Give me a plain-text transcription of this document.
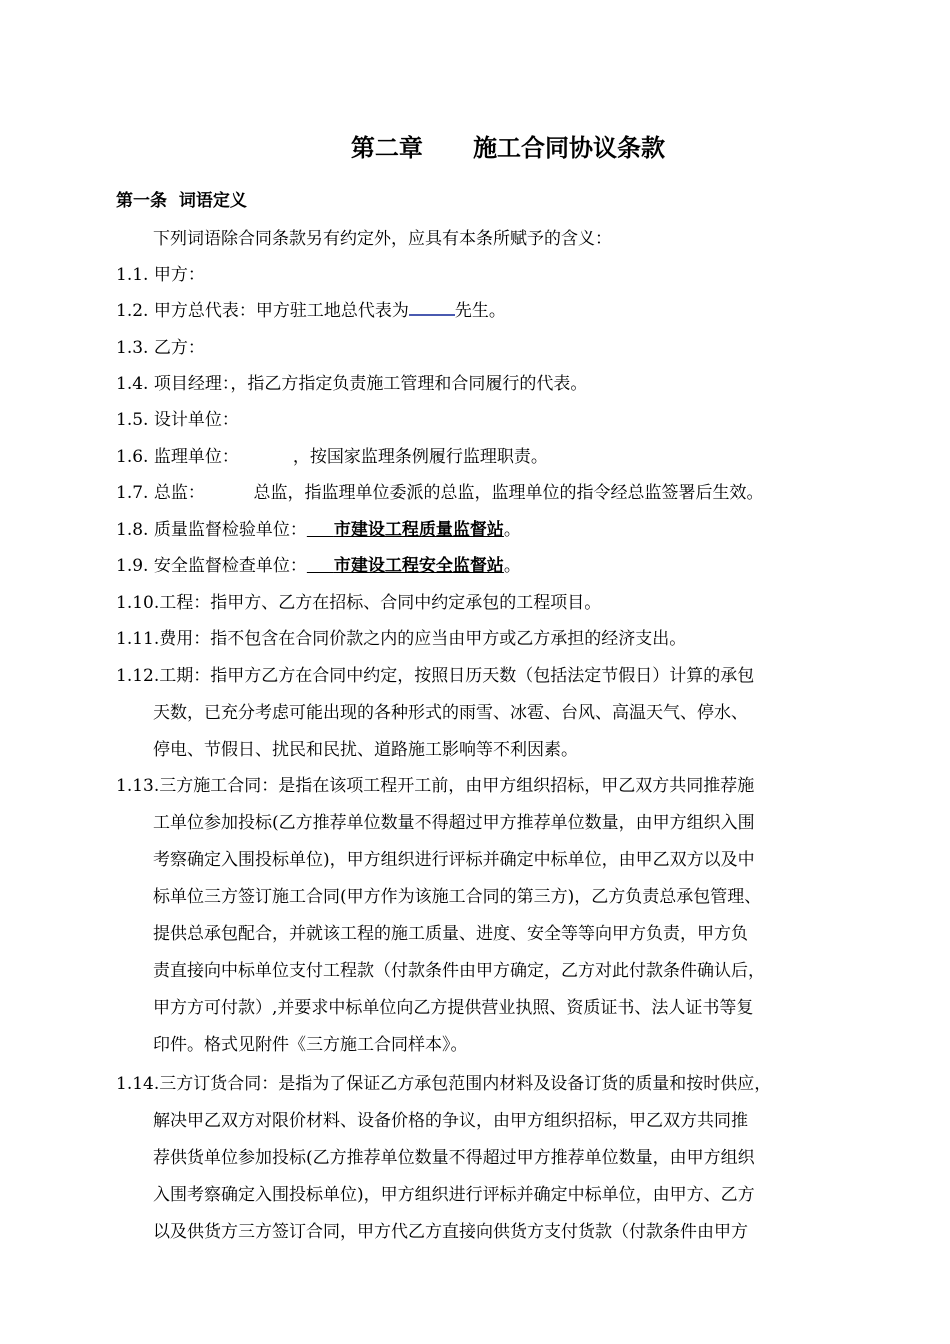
第二章 施工合同协议条款
第一条 词语定义
下列词语除合同条款另有约定外，应具有本条所赋予的含义：
1.1. 甲方：
1.2. 甲方总代表：甲方驻工地总代表为	先生。
1.3. 乙方：
1.4. 项目经理：，指乙方指定负责施工管理和合同履行的代表。
1.5. 设计单位：
1.6. 监理单位：          ，按国家监理条例履行监理职责。
1.7. 总监：         总监，指监理单位委派的总监，监理单位的指令经总监签署后生效。
1.8. 质量监督检验单位： 市建设工程质量监督站。
1.9. 安全监督检查单位： 市建设工程安全监督站。
1.10.工程：指甲方、乙方在招标、合同中约定承包的工程项目。
1.11.费用：指不包含在合同价款之内的应当由甲方或乙方承担的经济支出。
1.12.工期：指甲方乙方在合同中约定，按照日历天数（包括法定节假日）计算的承包
天数，已充分考虑可能出现的各种形式的雨雪、冰雹、台风、高温天气、停水、
停电、节假日、扰民和民扰、道路施工影响等不利因素。
1.13.三方施工合同：是指在该项工程开工前，由甲方组织招标，甲乙双方共同推荐施
工单位参加投标(乙方推荐单位数量不得超过甲方推荐单位数量，由甲方组织入围
考察确定入围投标单位)，甲方组织进行评标并确定中标单位，由甲乙双方以及中
标单位三方签订施工合同(甲方作为该施工合同的第三方)，乙方负责总承包管理、
提供总承包配合，并就该工程的施工质量、进度、安全等等向甲方负责，甲方负
责直接向中标单位支付工程款（付款条件由甲方确定，乙方对此付款条件确认后，
甲方方可付款）,并要求中标单位向乙方提供营业执照、资质证书、法人证书等复
印件。格式见附件《三方施工合同样本》。
1.14.三方订货合同：是指为了保证乙方承包范围内材料及设备订货的质量和按时供应，
解决甲乙双方对限价材料、设备价格的争议，由甲方组织招标，甲乙双方共同推
荐供货单位参加投标(乙方推荐单位数量不得超过甲方推荐单位数量，由甲方组织
入围考察确定入围投标单位)，甲方组织进行评标并确定中标单位，由甲方、乙方
以及供货方三方签订合同，甲方代乙方直接向供货方支付货款（付款条件由甲方
